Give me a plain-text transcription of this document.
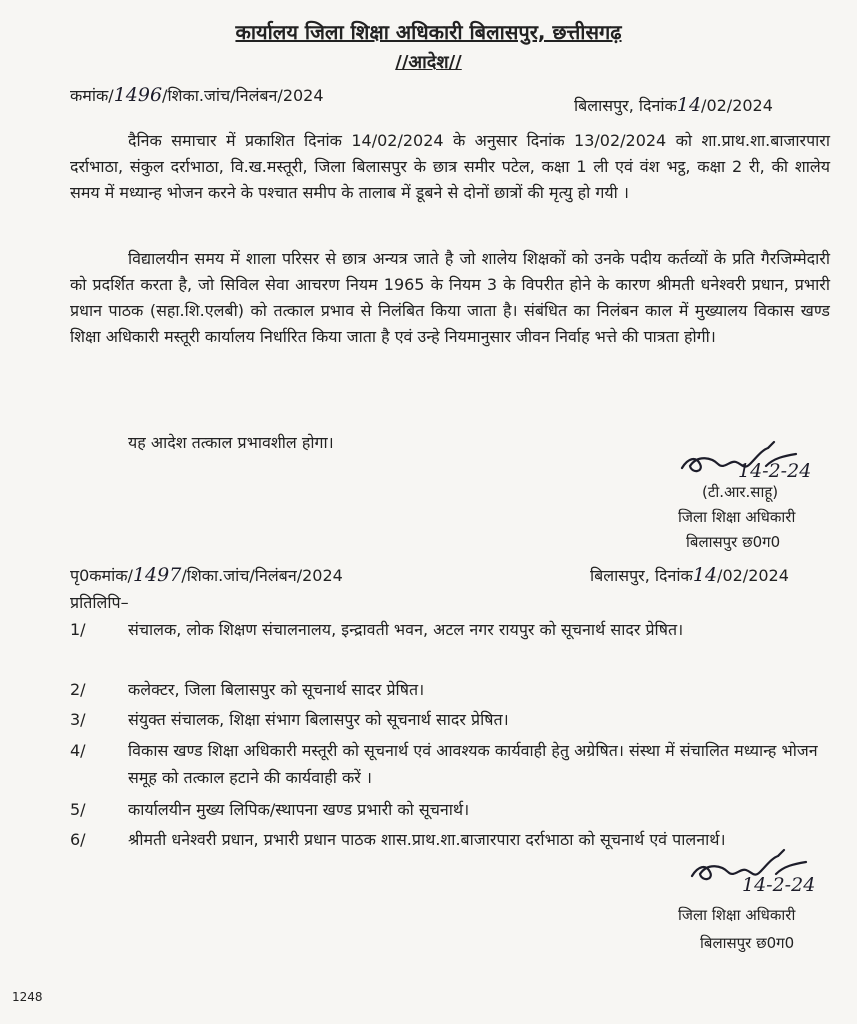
कार्यालय जिला शिक्षा अधिकारी बिलासपुर, छत्तीसगढ़
//आदेश//
कमांक/1496/शिका.जांच/निलंबन/2024
बिलासपुर, दिनांक14/02/2024
दैनिक समाचार में प्रकाशित दिनांक 14/02/2024 के अनुसार दिनांक 13/02/2024 को शा.प्राथ.शा.बाजारपारा दर्राभाठा, संकुल दर्राभाठा, वि.ख.मस्तूरी, जिला बिलासपुर के छात्र समीर पटेल, कक्षा 1 ली एवं वंश भट्ठ, कक्षा 2 री, की शालेय समय में मध्यान्ह भोजन करने के पश्चात समीप के तालाब में डूबने से दोनों छात्रों की मृत्यु हो गयी ।
विद्यालयीन समय में शाला परिसर से छात्र अन्यत्र जाते है जो शालेय शिक्षकों को उनके पदीय कर्तव्यों के प्रति गैरजिम्मेदारी को प्रदर्शित करता है, जो सिविल सेवा आचरण नियम 1965 के नियम 3 के विपरीत होने के कारण श्रीमती धनेश्वरी प्रधान, प्रभारी प्रधान पाठक (सहा.शि.एलबी) को तत्काल प्रभाव से निलंबित किया जाता है। संबंधित का निलंबन काल में मुख्यालय विकास खण्ड शिक्षा अधिकारी मस्तूरी कार्यालय निर्धारित किया जाता है एवं उन्हे नियमानुसार जीवन निर्वाह भत्ते की पात्रता होगी।
यह आदेश तत्काल प्रभावशील होगा।
14-2-24
(टी.आर.साहू)
जिला शिक्षा अधिकारी
बिलासपुर छ0ग0
पृ0कमांक/1497/शिका.जांच/निलंबन/2024	बिलासपुर, दिनांक14/02/2024
प्रतिलिपि–
1/	संचालक, लोक शिक्षण संचालनालय, इन्द्रावती भवन, अटल नगर रायपुर को सूचनार्थ सादर प्रेषित।
2/	कलेक्टर, जिला बिलासपुर को सूचनार्थ सादर प्रेषित।
3/	संयुक्त संचालक, शिक्षा संभाग बिलासपुर को सूचनार्थ सादर प्रेषित।
4/	विकास खण्ड शिक्षा अधिकारी मस्तूरी को सूचनार्थ एवं आवश्यक कार्यवाही हेतु अग्रेषित। संस्था में संचालित मध्यान्ह भोजन समूह को तत्काल हटाने की कार्यवाही करें ।
5/	कार्यालयीन मुख्य लिपिक/स्थापना खण्ड प्रभारी को सूचनार्थ।
6/	श्रीमती धनेश्वरी प्रधान, प्रभारी प्रधान पाठक शास.प्राथ.शा.बाजारपारा दर्राभाठा को सूचनार्थ एवं पालनार्थ।
14-2-24
जिला शिक्षा अधिकारी
बिलासपुर छ0ग0
1248
